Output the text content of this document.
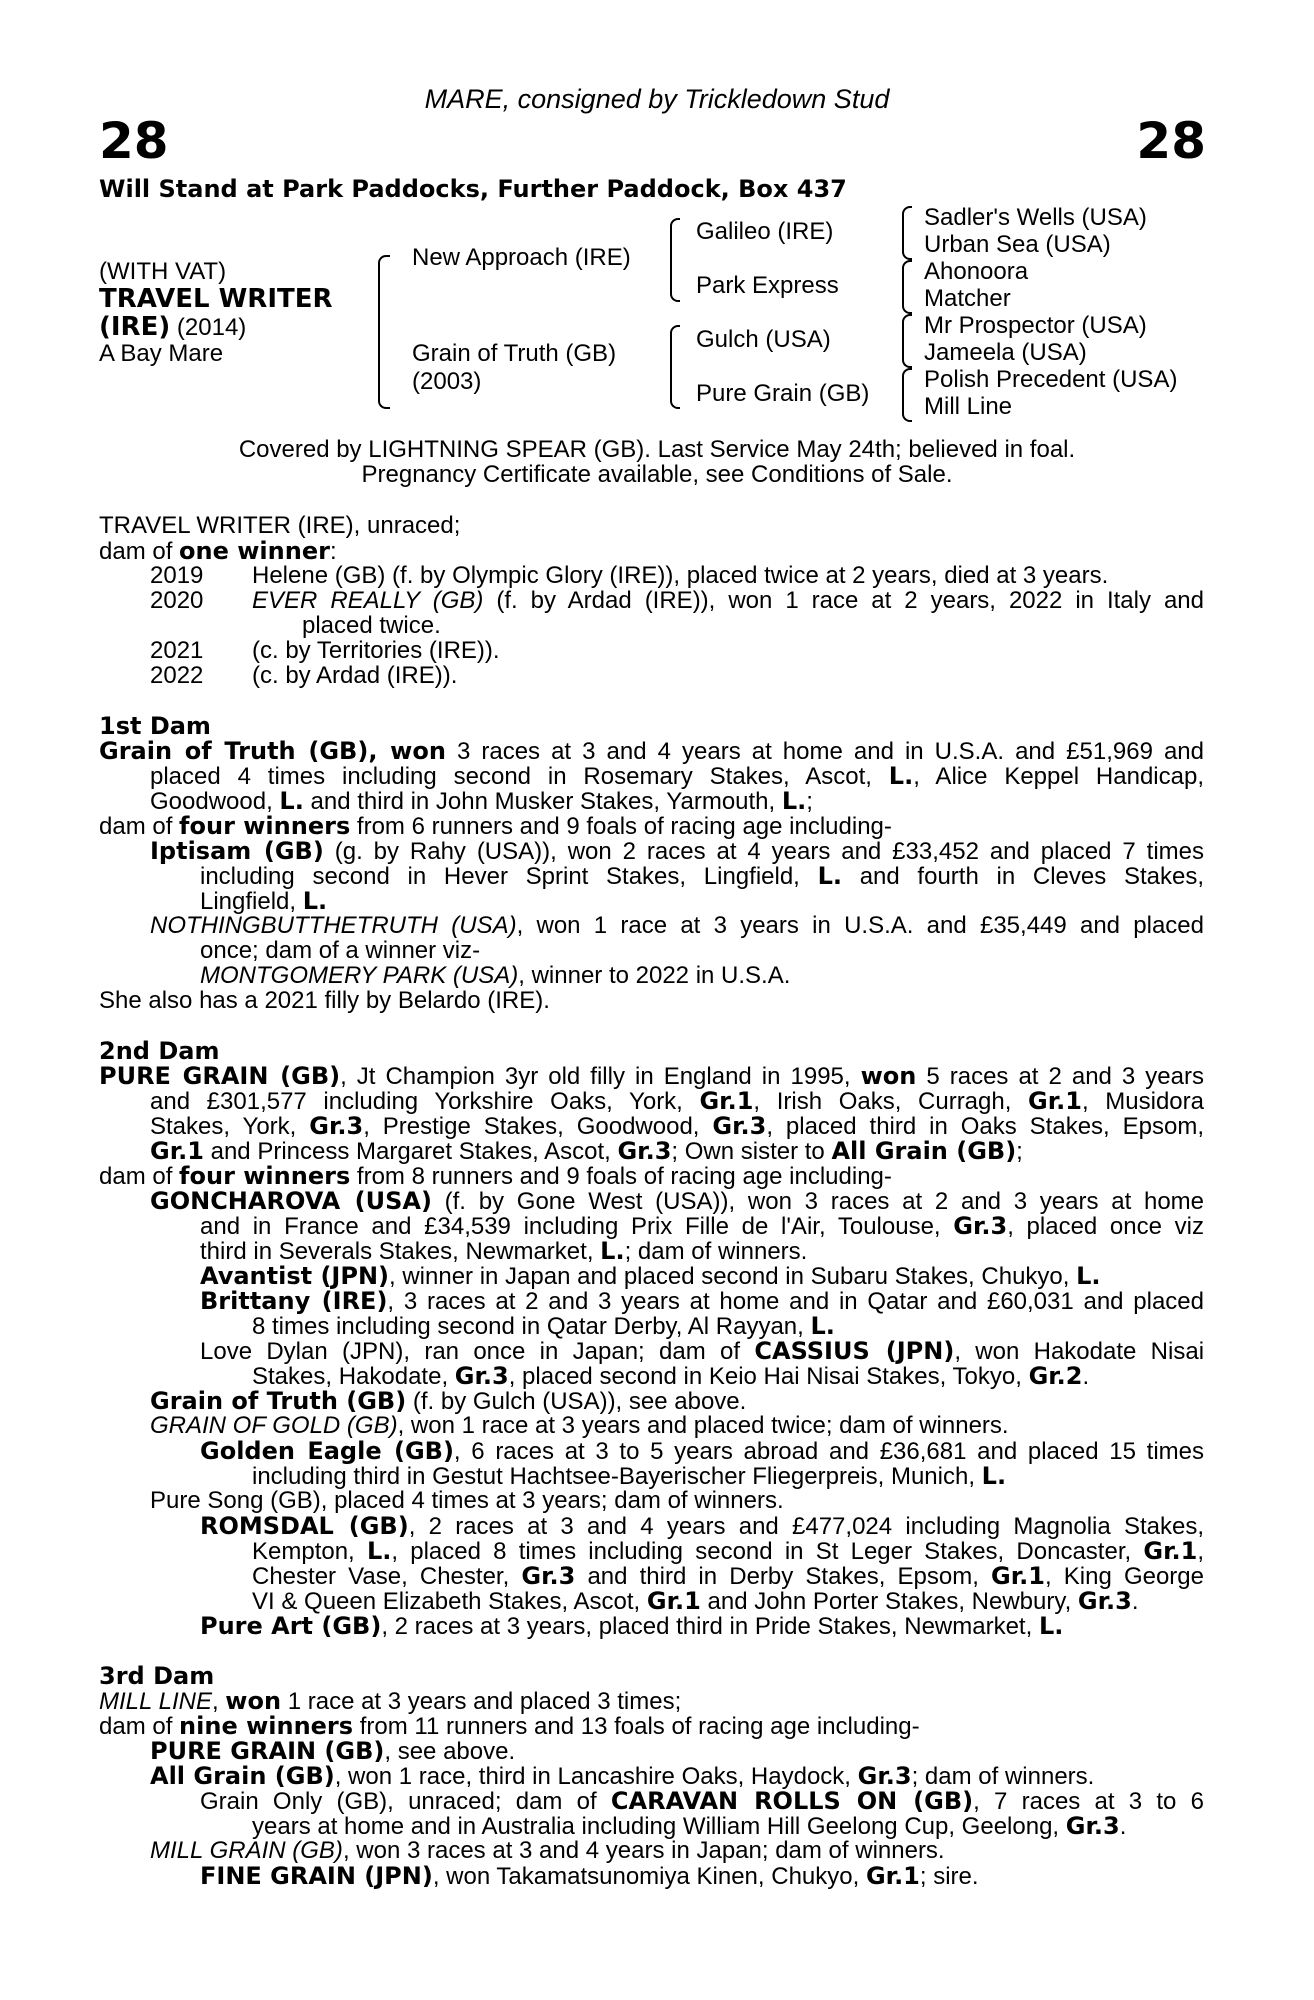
MARE, consigned by Trickledown Stud
28	28
Will Stand at Park Paddocks, Further Paddock, Box 437
(WITH VAT)
TRAVEL WRITER
(IRE) (2014)
A Bay Mare
New Approach (IRE)
Grain of Truth (GB)
(2003)
Galileo (IRE)
Park Express
Gulch (USA)
Pure Grain (GB)
Sadler's Wells (USA)
Urban Sea (USA)
Ahonoora
Matcher
Mr Prospector (USA)
Jameela (USA)
Polish Precedent (USA)
Mill Line
Covered by LIGHTNING SPEAR (GB). Last Service May 24th; believed in foal.
Pregnancy Certificate available, see Conditions of Sale.
TRAVEL WRITER (IRE), unraced;
dam of one winner:
2019 Helene (GB) (f. by Olympic Glory (IRE)), placed twice at 2 years, died at 3 years.
2020 EVER REALLY (GB) (f. by Ardad (IRE)), won 1 race at 2 years, 2022 in Italy and
placed twice.
2021 (c. by Territories (IRE)).
2022 (c. by Ardad (IRE)).
1st Dam
Grain of Truth (GB), won 3 races at 3 and 4 years at home and in U.S.A. and £51,969 and
placed 4 times including second in Rosemary Stakes, Ascot, L., Alice Keppel Handicap,
Goodwood, L. and third in John Musker Stakes, Yarmouth, L.;
dam of four winners from 6 runners and 9 foals of racing age including-
Iptisam (GB) (g. by Rahy (USA)), won 2 races at 4 years and £33,452 and placed 7 times
including second in Hever Sprint Stakes, Lingfield, L. and fourth in Cleves Stakes,
Lingfield, L.
NOTHINGBUTTHETRUTH (USA), won 1 race at 3 years in U.S.A. and £35,449 and placed
once; dam of a winner viz-
MONTGOMERY PARK (USA), winner to 2022 in U.S.A.
She also has a 2021 filly by Belardo (IRE).
2nd Dam
PURE GRAIN (GB), Jt Champion 3yr old filly in England in 1995, won 5 races at 2 and 3 years
and £301,577 including Yorkshire Oaks, York, Gr.1, Irish Oaks, Curragh, Gr.1, Musidora
Stakes, York, Gr.3, Prestige Stakes, Goodwood, Gr.3, placed third in Oaks Stakes, Epsom,
Gr.1 and Princess Margaret Stakes, Ascot, Gr.3; Own sister to All Grain (GB);
dam of four winners from 8 runners and 9 foals of racing age including-
GONCHAROVA (USA) (f. by Gone West (USA)), won 3 races at 2 and 3 years at home
and in France and £34,539 including Prix Fille de l'Air, Toulouse, Gr.3, placed once viz
third in Severals Stakes, Newmarket, L.; dam of winners.
Avantist (JPN), winner in Japan and placed second in Subaru Stakes, Chukyo, L.
Brittany (IRE), 3 races at 2 and 3 years at home and in Qatar and £60,031 and placed
8 times including second in Qatar Derby, Al Rayyan, L.
Love Dylan (JPN), ran once in Japan; dam of CASSIUS (JPN), won Hakodate Nisai
Stakes, Hakodate, Gr.3, placed second in Keio Hai Nisai Stakes, Tokyo, Gr.2.
Grain of Truth (GB) (f. by Gulch (USA)), see above.
GRAIN OF GOLD (GB), won 1 race at 3 years and placed twice; dam of winners.
Golden Eagle (GB), 6 races at 3 to 5 years abroad and £36,681 and placed 15 times
including third in Gestut Hachtsee-Bayerischer Fliegerpreis, Munich, L.
Pure Song (GB), placed 4 times at 3 years; dam of winners.
ROMSDAL (GB), 2 races at 3 and 4 years and £477,024 including Magnolia Stakes,
Kempton, L., placed 8 times including second in St Leger Stakes, Doncaster, Gr.1,
Chester Vase, Chester, Gr.3 and third in Derby Stakes, Epsom, Gr.1, King George
VI & Queen Elizabeth Stakes, Ascot, Gr.1 and John Porter Stakes, Newbury, Gr.3.
Pure Art (GB), 2 races at 3 years, placed third in Pride Stakes, Newmarket, L.
3rd Dam
MILL LINE, won 1 race at 3 years and placed 3 times;
dam of nine winners from 11 runners and 13 foals of racing age including-
PURE GRAIN (GB), see above.
All Grain (GB), won 1 race, third in Lancashire Oaks, Haydock, Gr.3; dam of winners.
Grain Only (GB), unraced; dam of CARAVAN ROLLS ON (GB), 7 races at 3 to 6
years at home and in Australia including William Hill Geelong Cup, Geelong, Gr.3.
MILL GRAIN (GB), won 3 races at 3 and 4 years in Japan; dam of winners.
FINE GRAIN (JPN), won Takamatsunomiya Kinen, Chukyo, Gr.1; sire.
